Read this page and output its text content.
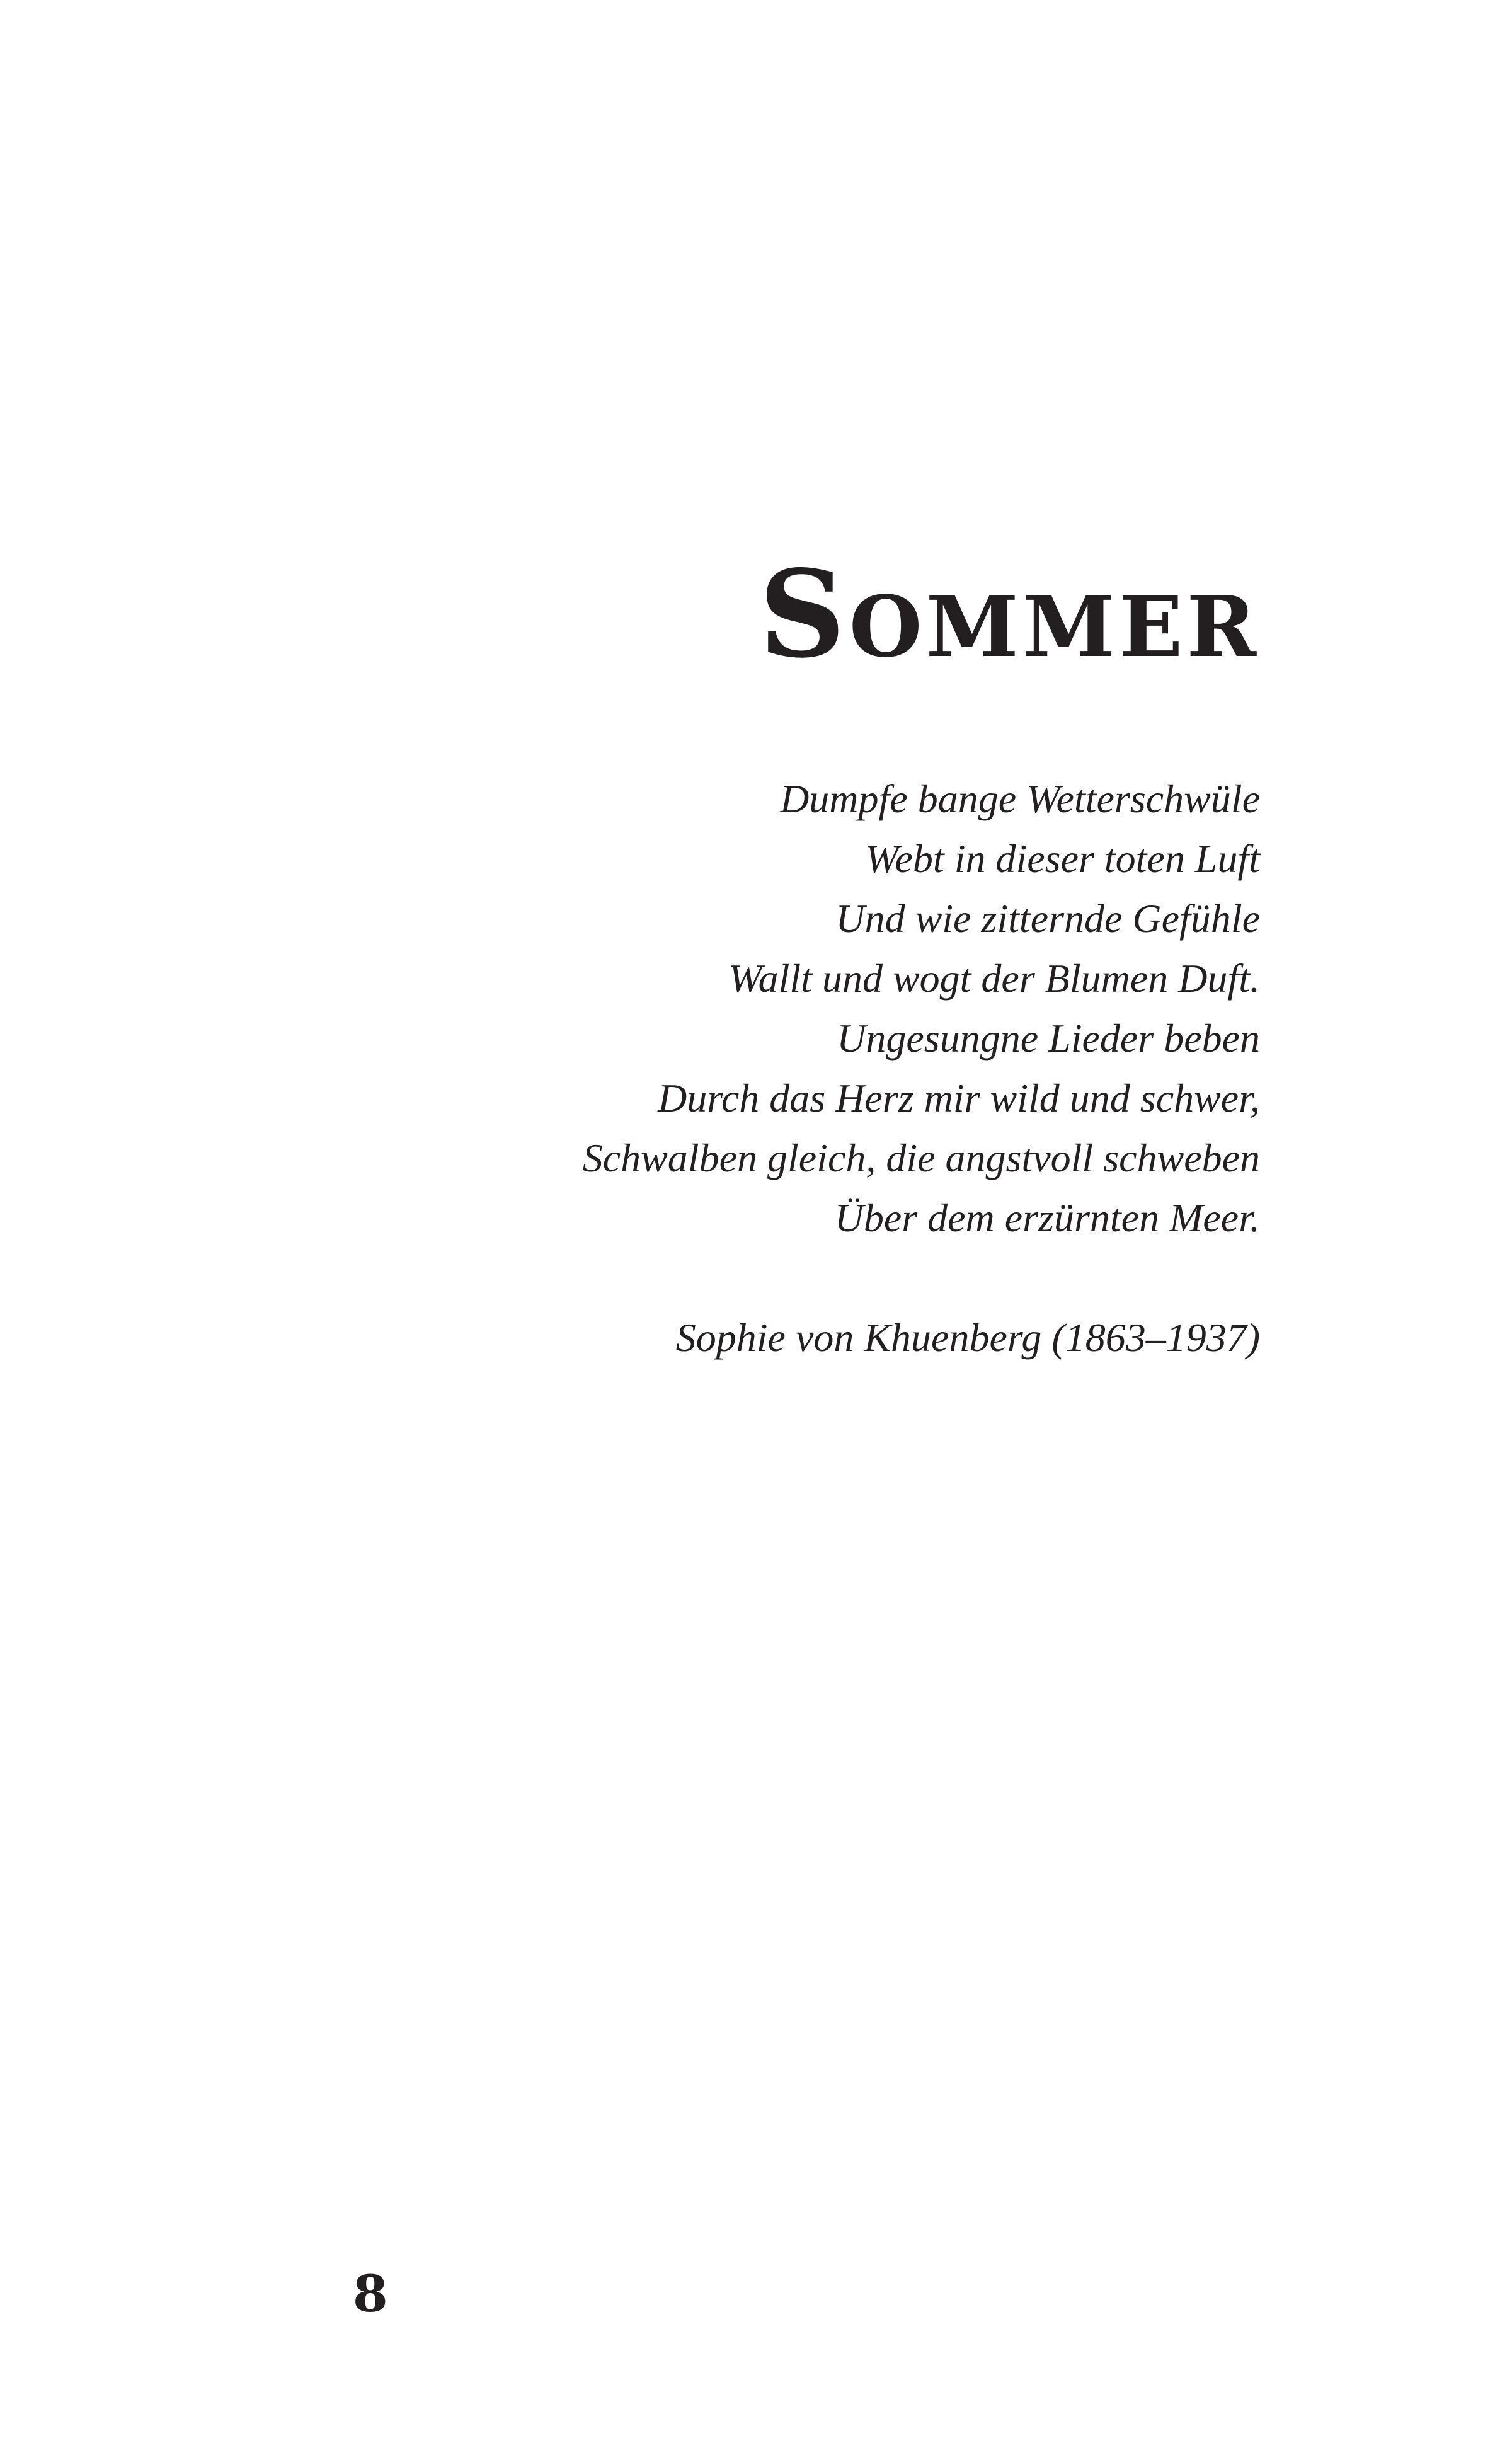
Sommer
Dumpfe bange Wetterschwüle
Webt in dieser toten Luft
Und wie zitternde Gefühle
Wallt und wogt der Blumen Duft.
Ungesungne Lieder beben
Durch das Herz mir wild und schwer,
Schwalben gleich, die angstvoll schweben
Über dem erzürnten Meer.
Sophie von Khuenberg (1863–1937)
8
